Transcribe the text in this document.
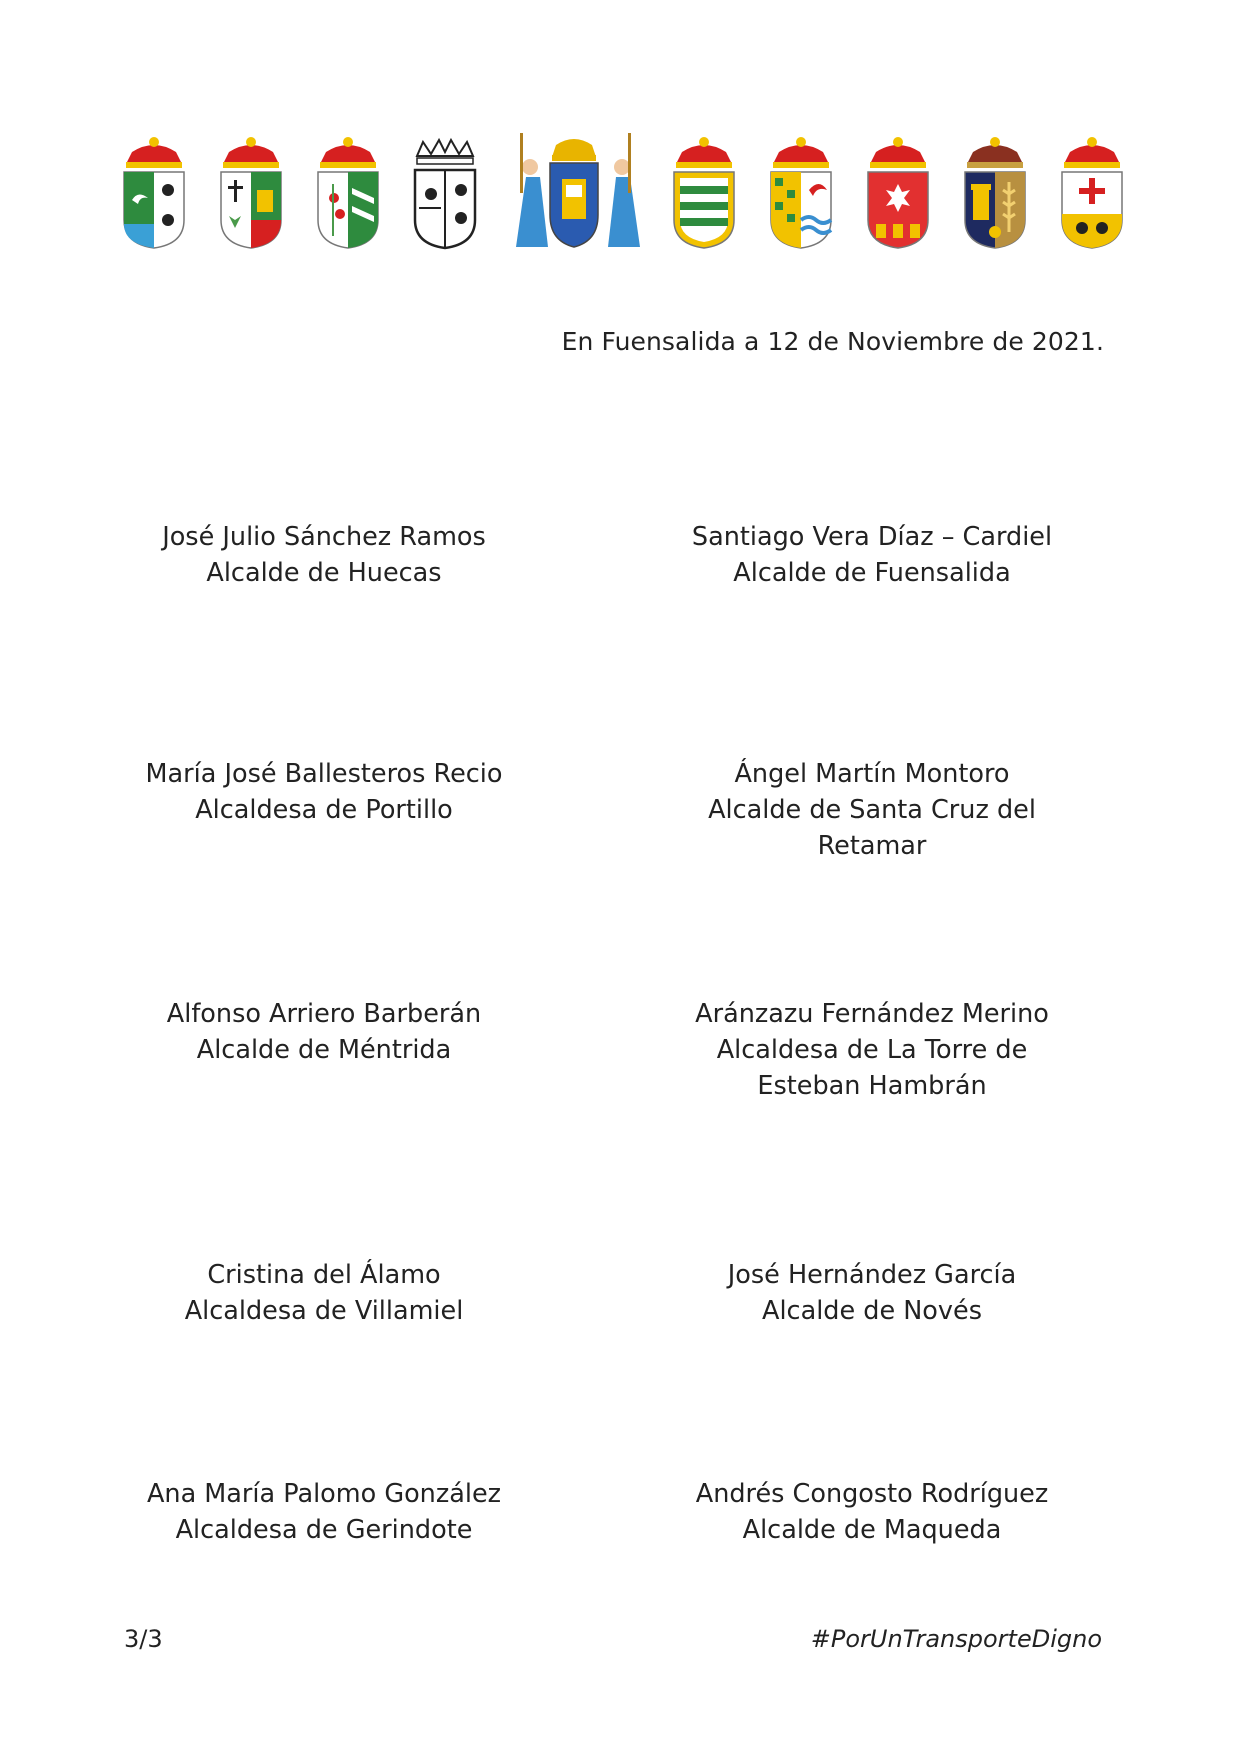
En Fuensalida a 12 de Noviembre de 2021.
José Julio Sánchez Ramos
Alcalde de Huecas
Santiago Vera Díaz – Cardiel
Alcalde de Fuensalida
María José Ballesteros Recio
Alcaldesa de Portillo
Ángel Martín Montoro
Alcalde de Santa Cruz del Retamar
Alfonso Arriero Barberán
Alcalde de Méntrida
Aránzazu Fernández Merino
Alcaldesa de La Torre de
Esteban Hambrán
Cristina del Álamo
Alcaldesa de Villamiel
José Hernández García
Alcalde de Novés
Ana María Palomo González
Alcaldesa de Gerindote
Andrés Congosto Rodríguez
Alcalde de Maqueda
3/3	#PorUnTransporteDigno
